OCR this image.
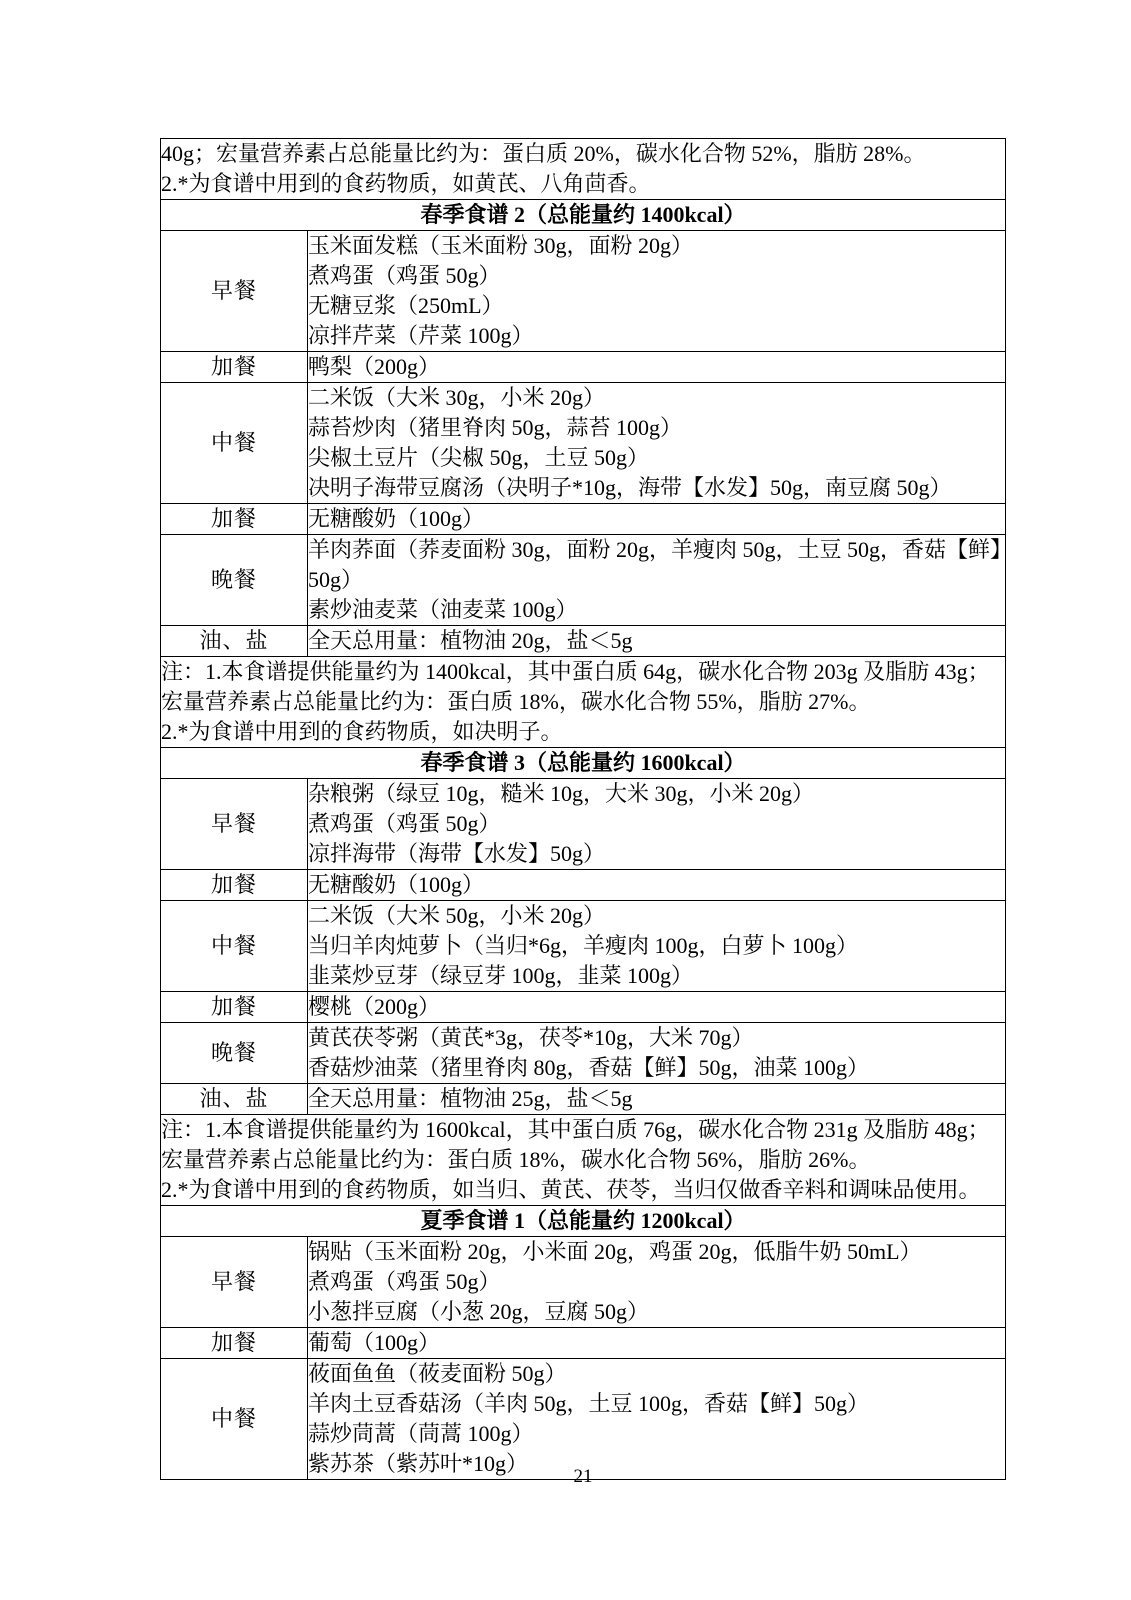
40g；宏量营养素占总能量比约为：蛋白质 20%，碳水化合物 52%，脂肪 28%。
2.*为食谱中用到的食药物质，如黄芪、八角茴香。	

春季食谱 2（总能量约 1400kcal）	
早餐	玉米面发糕（玉米面粉 30g，面粉 20g）
煮鸡蛋（鸡蛋 50g）
无糖豆浆（250mL）
凉拌芹菜（芹菜 100g）

加餐	鸭梨（200g）

中餐	二米饭（大米 30g，小米 20g）
蒜苔炒肉（猪里脊肉 50g，蒜苔 100g）
尖椒土豆片（尖椒 50g，土豆 50g）
决明子海带豆腐汤（决明子*10g，海带【水发】50g，南豆腐 50g）

加餐	无糖酸奶（100g）

晚餐	羊肉荞面（荞麦面粉 30g，面粉 20g，羊瘦肉 50g，土豆 50g，香菇【鲜】50g）
素炒油麦菜（油麦菜 100g）

油、盐	全天总用量：植物油 20g，盐＜5g

注：1.本食谱提供能量约为 1400kcal，其中蛋白质 64g，碳水化合物 203g 及脂肪 43g；宏量营养素占总能量比约为：蛋白质 18%，碳水化合物 55%，脂肪 27%。
2.*为食谱中用到的食药物质，如决明子。	

春季食谱 3（总能量约 1600kcal）	
早餐	杂粮粥（绿豆 10g，糙米 10g，大米 30g，小米 20g）
煮鸡蛋（鸡蛋 50g）
凉拌海带（海带【水发】50g）

加餐	无糖酸奶（100g）

中餐	二米饭（大米 50g，小米 20g）
当归羊肉炖萝卜（当归*6g，羊瘦肉 100g，白萝卜 100g）
韭菜炒豆芽（绿豆芽 100g，韭菜 100g）

加餐	樱桃（200g）

晚餐	黄芪茯苓粥（黄芪*3g，茯苓*10g，大米 70g）
香菇炒油菜（猪里脊肉 80g，香菇【鲜】50g，油菜 100g）

油、盐	全天总用量：植物油 25g，盐＜5g

注：1.本食谱提供能量约为 1600kcal，其中蛋白质 76g，碳水化合物 231g 及脂肪 48g；宏量营养素占总能量比约为：蛋白质 18%，碳水化合物 56%，脂肪 26%。
2.*为食谱中用到的食药物质，如当归、黄芪、茯苓，当归仅做香辛料和调味品使用。	

夏季食谱 1（总能量约 1200kcal）	
早餐	锅贴（玉米面粉 20g，小米面 20g，鸡蛋 20g，低脂牛奶 50mL）
煮鸡蛋（鸡蛋 50g）
小葱拌豆腐（小葱 20g，豆腐 50g）

加餐	葡萄（100g）

中餐	莜面鱼鱼（莜麦面粉 50g）
羊肉土豆香菇汤（羊肉 50g，土豆 100g，香菇【鲜】50g）
蒜炒茼蒿（茼蒿 100g）
紫苏茶（紫苏叶*10g）
21
